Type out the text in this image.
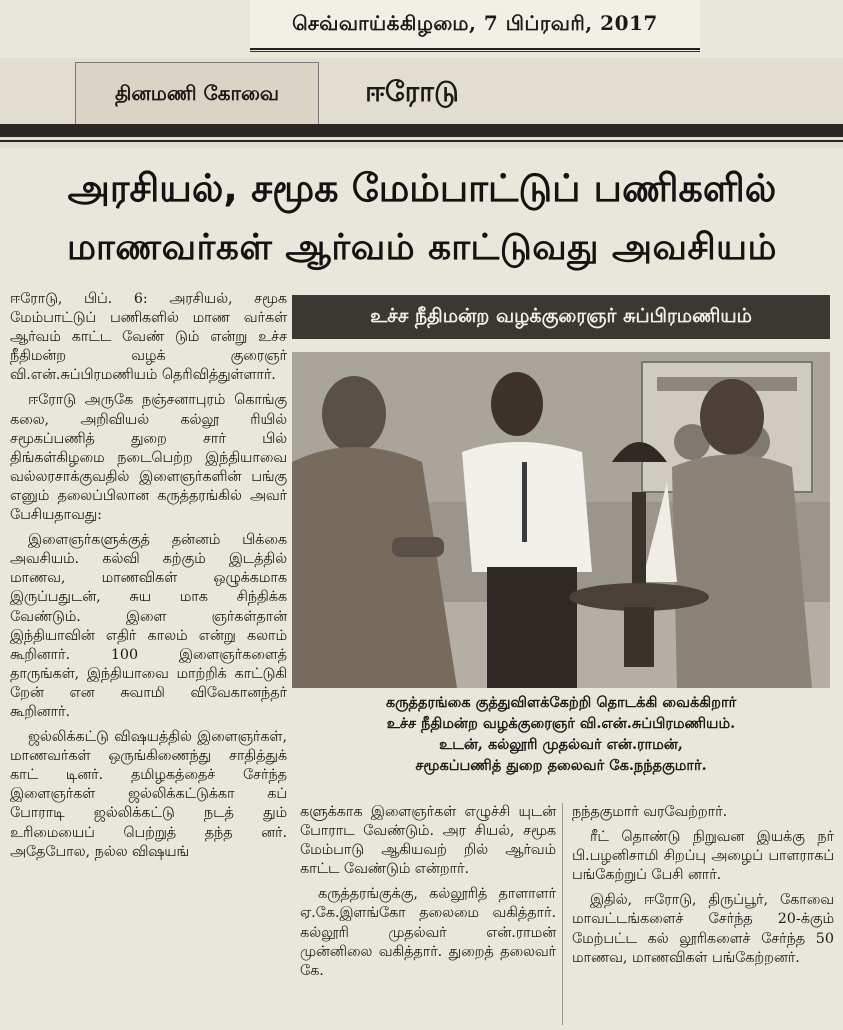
செவ்வாய்க்கிழமை, 7 பிப்ரவரி, 2017
தினமணி கோவை	ஈரோடு
அரசியல், சமூக மேம்பாட்டுப் பணிகளில்
மாணவர்கள் ஆர்வம் காட்டுவது அவசியம்

ஈரோடு, பிப். 6: அரசியல், சமூக மேம்பாட்டுப் பணிகளில் மாண வர்கள் ஆர்வம் காட்ட வேண் டும் என்று உச்ச நீதிமன்ற வழக் குரைஞர் வி.என்.சுப்பிரமணியம் தெரிவித்துள்ளார்.

ஈரோடு அருகே நஞ்சனாபுரம் கொங்கு கலை, அறிவியல் கல்லூ ரியில் சமூகப்பணித் துறை சார் பில் திங்கள்கிழமை நடைபெற்ற இந்தியாவை வல்லரசாக்குவதில் இளைஞர்களின் பங்கு எனும் தலைப்பிலான கருத்தரங்கில் அவர் பேசியதாவது:

இளைஞர்களுக்குத் தன்னம் பிக்கை அவசியம். கல்வி கற்கும் இடத்தில் மாணவ, மாணவிகள் ஒழுக்கமாக இருப்பதுடன், சுய மாக சிந்திக்க வேண்டும். இளை ஞர்கள்தான் இந்தியாவின் எதிர் காலம் என்று கலாம் கூறினார். 100 இளைஞர்களைத் தாருங்கள், இந்தியாவை மாற்றிக் காட்டுகி றேன் என சுவாமி விவேகானந்தர் கூறினார்.

ஜல்லிக்கட்டு விஷயத்தில் இளைஞர்கள், மாணவர்கள் ஒருங்கிணைந்து சாதித்துக் காட் டினர். தமிழகத்தைச் சேர்ந்த இளைஞர்கள் ஜல்லிக்கட்டுக்கா கப் போராடி ஜல்லிக்கட்டு நடத் தும் உரிமையைப் பெற்றுத் தந்த னர். அதேபோல, நல்ல விஷயங்

உச்ச நீதிமன்ற வழக்குரைஞர் சுப்பிரமணியம்
கருத்தரங்கை குத்துவிளக்கேற்றி தொடக்கி வைக்கிறார்
உச்ச நீதிமன்ற வழக்குரைஞர் வி.என்.சுப்பிரமணியம்.
உடன், கல்லூரி முதல்வர் என்.ராமன்,
சமூகப்பணித் துறை தலைவர் கே.நந்தகுமார்.

களுக்காக இளைஞர்கள் எழுச்சி யுடன் போராட வேண்டும். அர சியல், சமூக மேம்பாடு ஆகியவற் றில் ஆர்வம் காட்ட வேண்டும் என்றார்.

கருத்தரங்குக்கு, கல்லூரித் தாளாளர் ஏ.கே.இளங்கோ தலைமை வகித்தார். கல்லூரி முதல்வர் என்.ராமன் முன்னிலை வகித்தார். துறைத் தலைவர் கே.

நந்தகுமார் வரவேற்றார்.

ரீட் தொண்டு நிறுவன இயக்கு நர் பி.பழனிசாமி சிறப்பு அழைப் பாளராகப் பங்கேற்றுப் பேசி னார்.

இதில், ஈரோடு, திருப்பூர், கோவை மாவட்டங்களைச் சேர்ந்த 20-க்கும் மேற்பட்ட கல் லூரிகளைச் சேர்ந்த 50 மாணவ, மாணவிகள் பங்கேற்றனர்.
